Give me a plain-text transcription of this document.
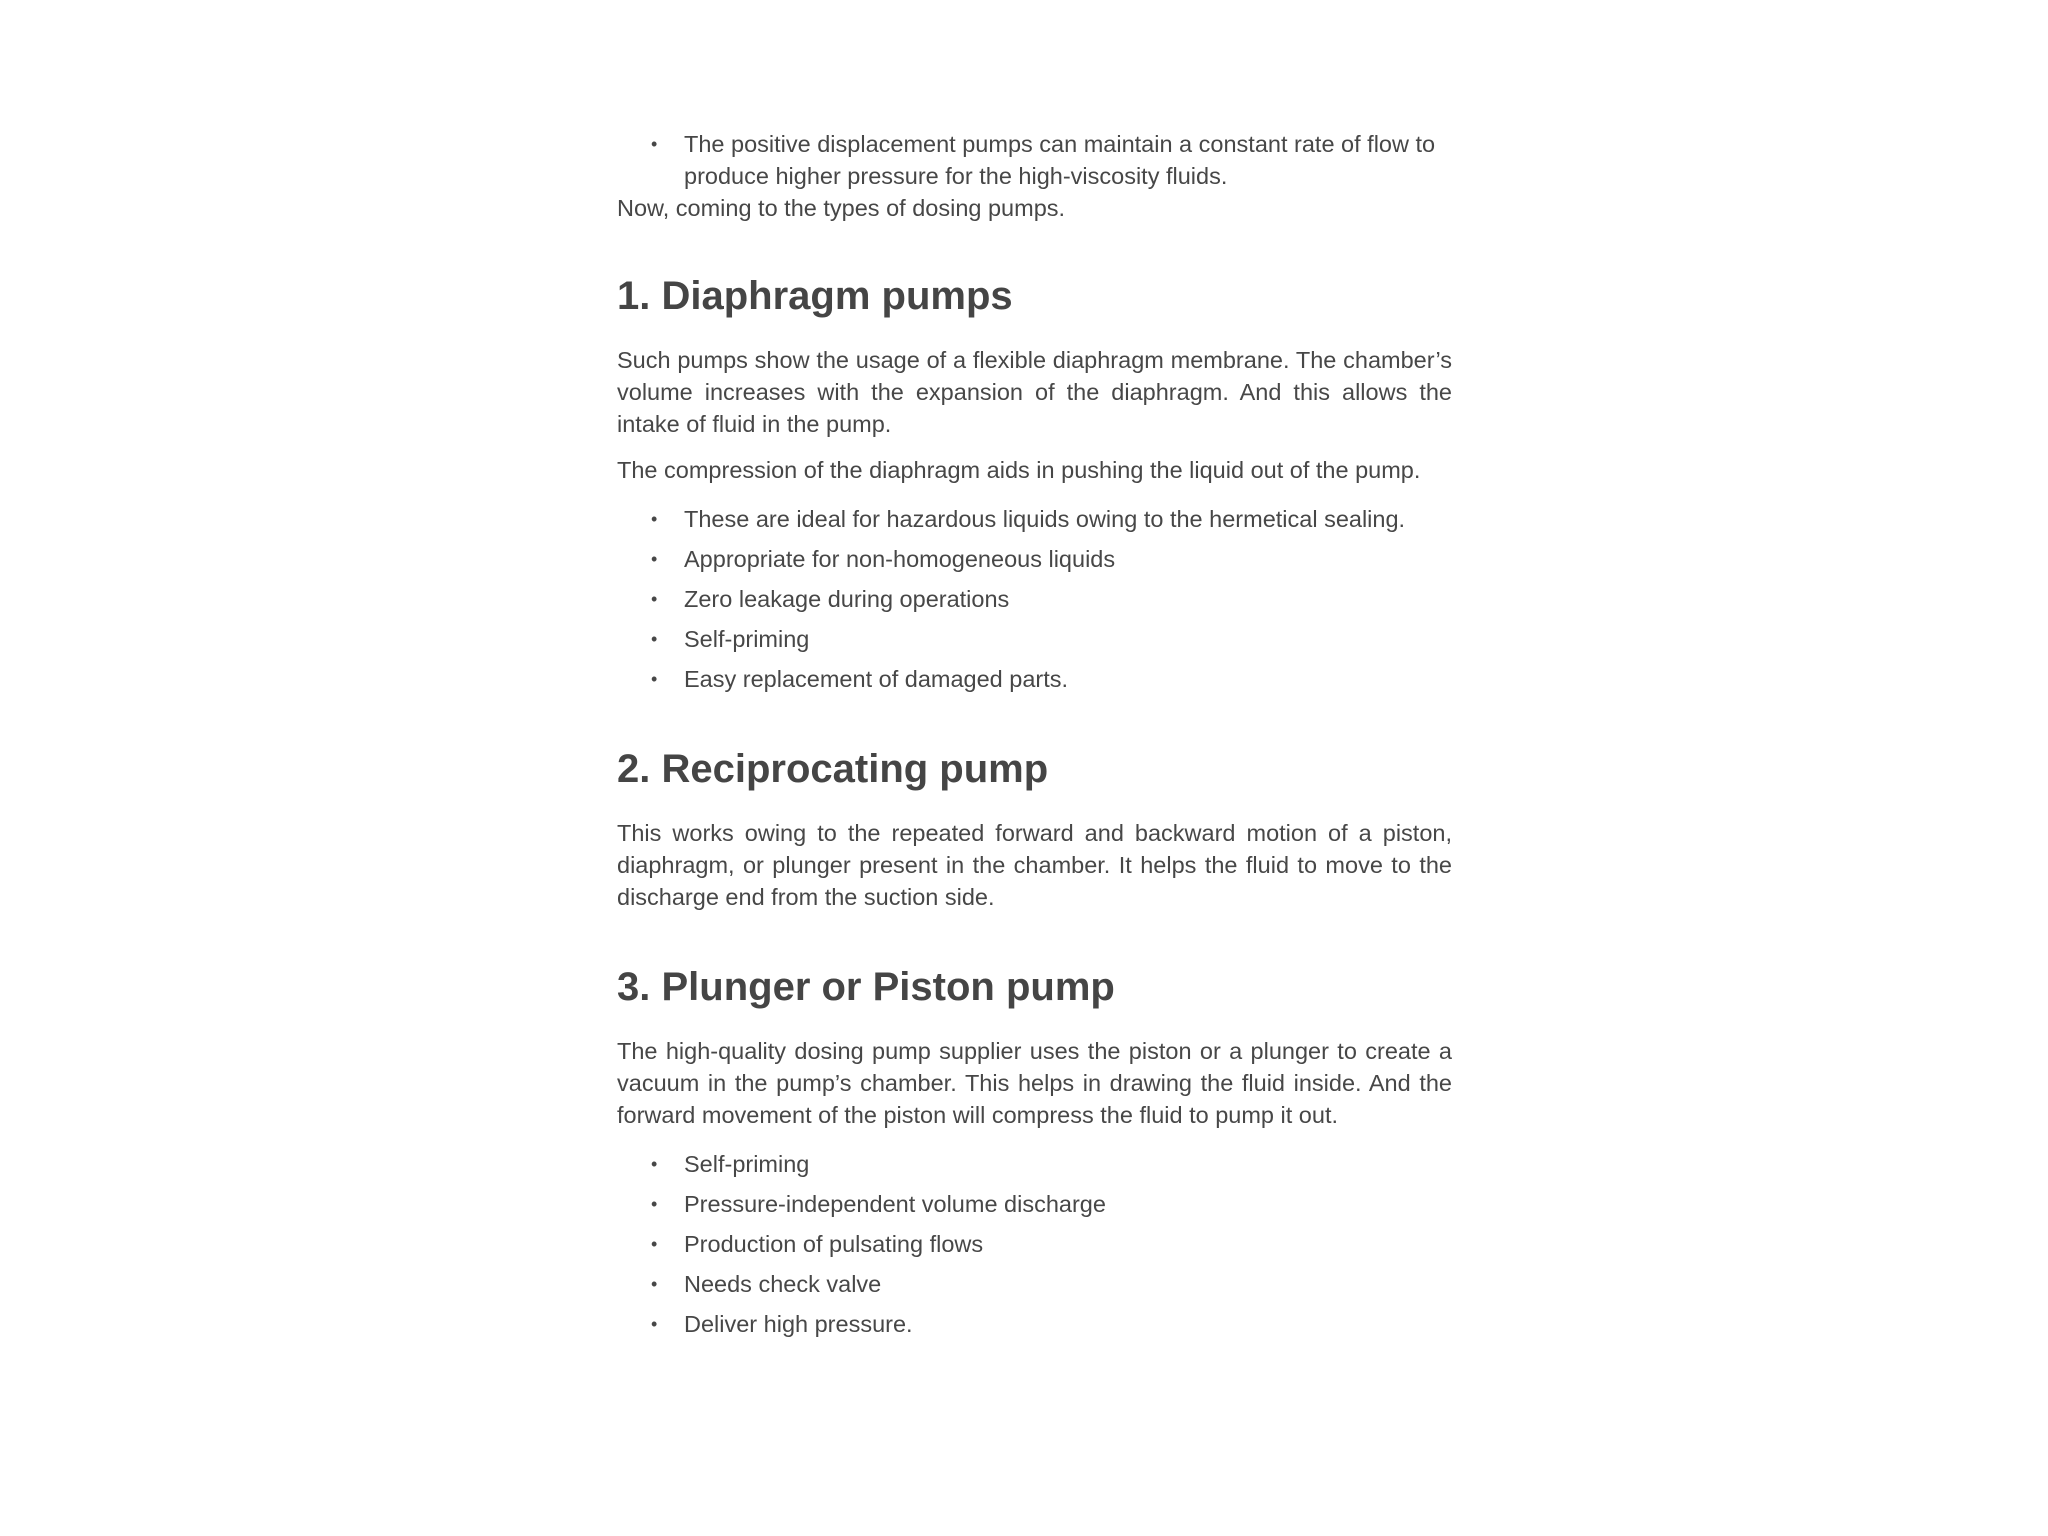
• The positive displacement pumps can maintain a constant rate of flow to produce higher pressure for the high-viscosity fluids.

Now, coming to the types of dosing pumps.

1. Diaphragm pumps

Such pumps show the usage of a flexible diaphragm membrane. The chamber’s volume increases with the expansion of the diaphragm. And this allows the intake of fluid in the pump.

The compression of the diaphragm aids in pushing the liquid out of the pump.

• These are ideal for hazardous liquids owing to the hermetical sealing.
• Appropriate for non-homogeneous liquids
• Zero leakage during operations
• Self-priming
• Easy replacement of damaged parts.
2. Reciprocating pump

This works owing to the repeated forward and backward motion of a piston, diaphragm, or plunger present in the chamber. It helps the fluid to move to the discharge end from the suction side.

3. Plunger or Piston pump

The high-quality dosing pump supplier uses the piston or a plunger to create a vacuum in the pump’s chamber. This helps in drawing the fluid inside. And the forward movement of the piston will compress the fluid to pump it out.

• Self-priming
• Pressure-independent volume discharge
• Production of pulsating flows
• Needs check valve
• Deliver high pressure.
